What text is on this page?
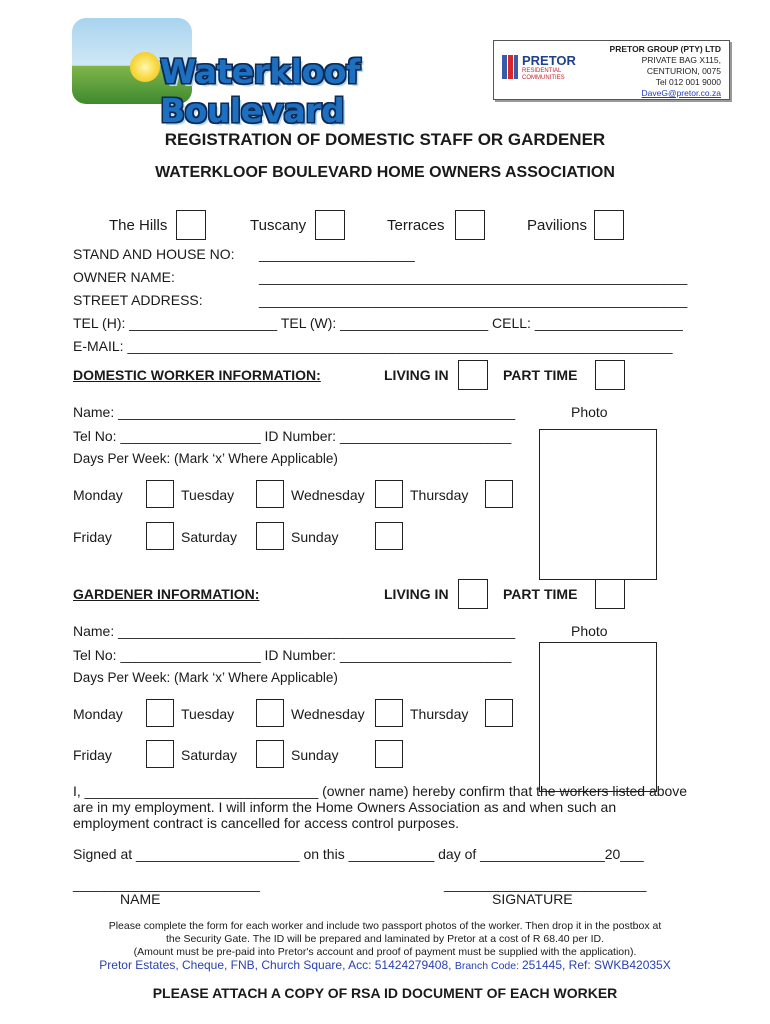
Waterkloof Boulevard
PRETOR
RESIDENTIAL
COMMUNITIES
PRETOR GROUP (PTY) LTD
PRIVATE BAG X115,
CENTURION, 0075
Tel 012 001 9000
DaveG@pretor.co.za
REGISTRATION OF DOMESTIC STAFF OR GARDENER
WATERKLOOF BOULEVARD HOME OWNERS ASSOCIATION
The Hills	Tuscany	Terraces	Pavilions
STAND AND HOUSE NO: ____________________
OWNER NAME:	_______________________________________________________
STREET ADDRESS:	_______________________________________________________
TEL (H): ___________________ TEL (W): ___________________ CELL: ___________________
E-MAIL: ______________________________________________________________________
DOMESTIC WORKER INFORMATION:	LIVING IN	PART TIME
Name: ___________________________________________________	Photo
Tel No: __________________ ID Number: ______________________
Days Per Week: (Mark ‘x’ Where Applicable)
Monday	Tuesday	Wednesday	Thursday
Friday	Saturday	Sunday
GARDENER INFORMATION:	LIVING IN	PART TIME
Name: ___________________________________________________	Photo
Tel No: __________________ ID Number: ______________________
Days Per Week: (Mark ‘x’ Where Applicable)
Monday	Tuesday	Wednesday	Thursday
Friday	Saturday	Sunday
I, ______________________________ (owner name) hereby confirm that the workers listed above
are in my employment. I will inform the Home Owners Association as and when such an
employment contract is cancelled for access control purposes.
Signed at _____________________ on this ___________ day of ________________20___
________________________
NAME
__________________________
SIGNATURE
Please complete the form for each worker and include two passport photos of the worker. Then drop it in the postbox at
the Security Gate. The ID will be prepared and laminated by Pretor at a cost of R 68.40 per ID.
(Amount must be pre-paid into Pretor's account and proof of payment must be supplied with the application).
Pretor Estates, Cheque, FNB, Church Square, Acc: 51424279408, Branch Code: 251445, Ref: SWKB42035X
PLEASE ATTACH A COPY OF RSA ID DOCUMENT OF EACH WORKER
